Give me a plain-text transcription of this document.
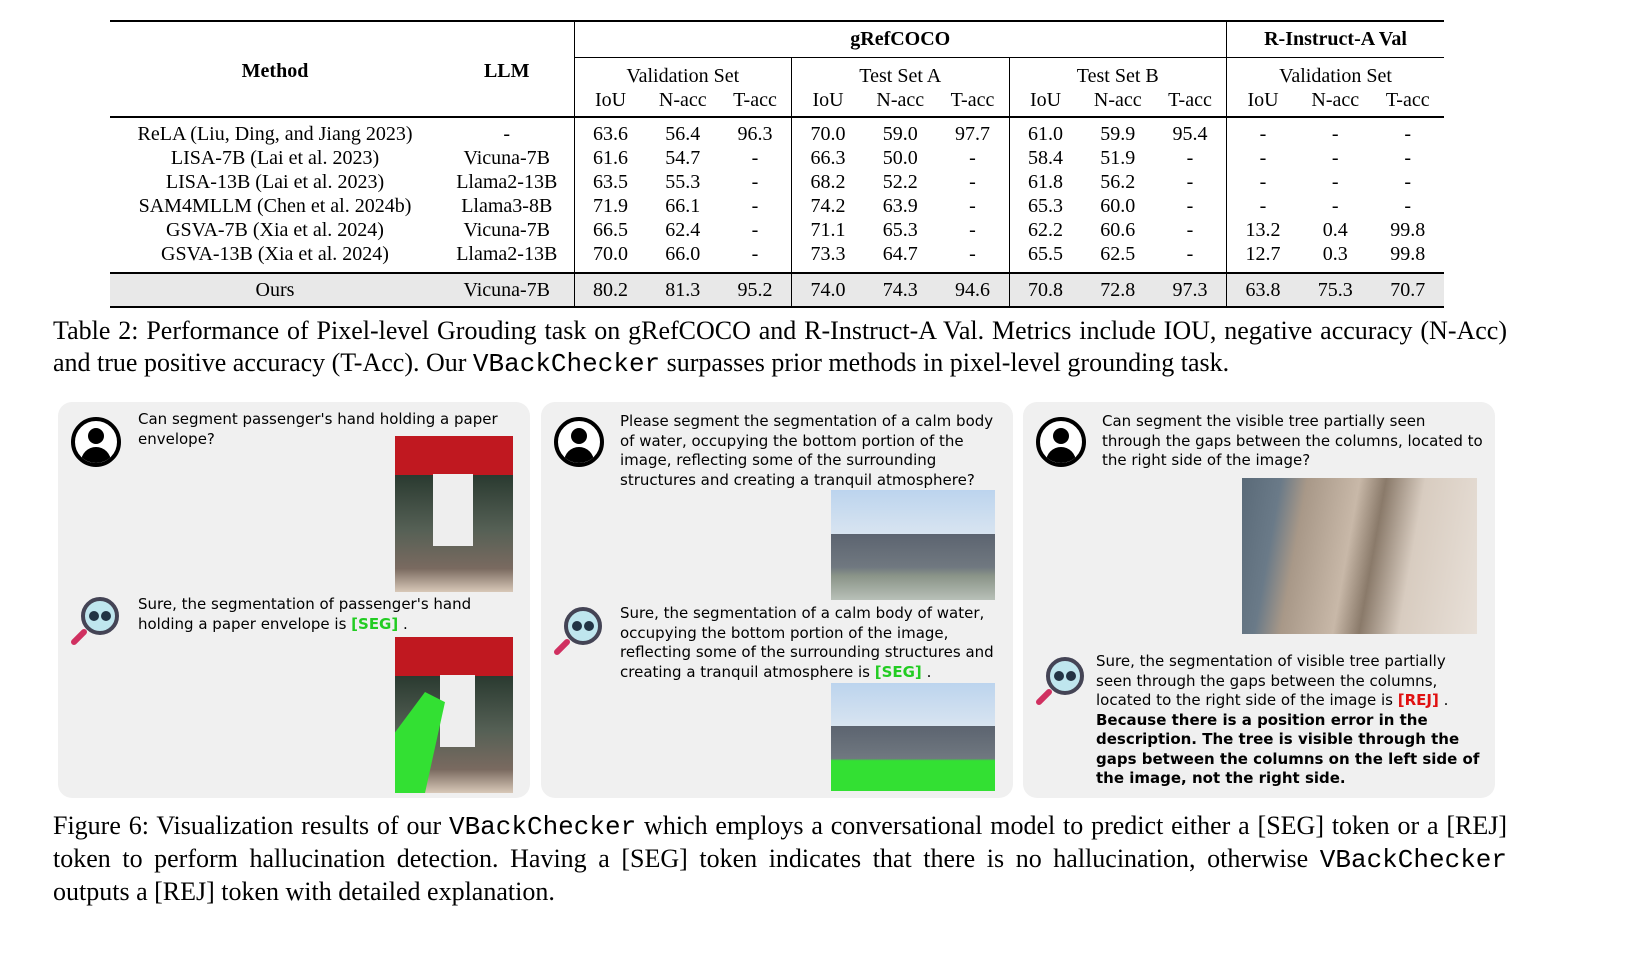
Method	LLM	gRefCOCO									R-Instruct-A Val		
		Validation Set			Test Set A			Test Set B			Validation Set		
		IoU	N-acc	T-acc	IoU	N-acc	T-acc	IoU	N-acc	T-acc	IoU	N-acc	T-acc
ReLA (Liu, Ding, and Jiang 2023)	-	63.6	56.4	96.3	70.0	59.0	97.7	61.0	59.9	95.4	-	-	-
LISA-7B (Lai et al. 2023)	Vicuna-7B	61.6	54.7	-	66.3	50.0	-	58.4	51.9	-	-	-	-
LISA-13B (Lai et al. 2023)	Llama2-13B	63.5	55.3	-	68.2	52.2	-	61.8	56.2	-	-	-	-
SAM4MLLM (Chen et al. 2024b)	Llama3-8B	71.9	66.1	-	74.2	63.9	-	65.3	60.0	-	-	-	-
GSVA-7B (Xia et al. 2024)	Vicuna-7B	66.5	62.4	-	71.1	65.3	-	62.2	60.6	-	13.2	0.4	99.8
GSVA-13B (Xia et al. 2024)	Llama2-13B	70.0	66.0	-	73.3	64.7	-	65.5	62.5	-	12.7	0.3	99.8
Ours	Vicuna-7B	80.2	81.3	95.2	74.0	74.3	94.6	70.8	72.8	97.3	63.8	75.3	70.7
Table 2: Performance of Pixel-level Grouding task on gRefCOCO and R-Instruct-A Val. Metrics include IOU, negative accuracy (N-Acc) and true positive accuracy (T-Acc). Our VBackChecker surpasses prior methods in pixel-level grounding task.
Can segment passenger's hand holding a paper envelope?
Sure, the segmentation of passenger's hand holding a paper envelope is [SEG] .
Please segment the segmentation of a calm body of water, occupying the bottom portion of the image, reflecting some of the surrounding structures and creating a tranquil atmosphere?
Sure, the segmentation of a calm body of water, occupying the bottom portion of the image, reflecting some of the surrounding structures and creating a tranquil atmosphere is [SEG] .
Can segment the visible tree partially seen through the gaps between the columns, located to the right side of the image?
Sure, the segmentation of visible tree partially seen through the gaps between the columns, located to the right side of the image is [REJ] .
Because there is a position error in the description. The tree is visible through the gaps between the columns on the left side of the image, not the right side.
Figure 6: Visualization results of our VBackChecker which employs a conversational model to predict either a [SEG] token or a [REJ] token to perform hallucination detection. Having a [SEG] token indicates that there is no hallucination, otherwise VBackChecker outputs a [REJ] token with detailed explanation.
